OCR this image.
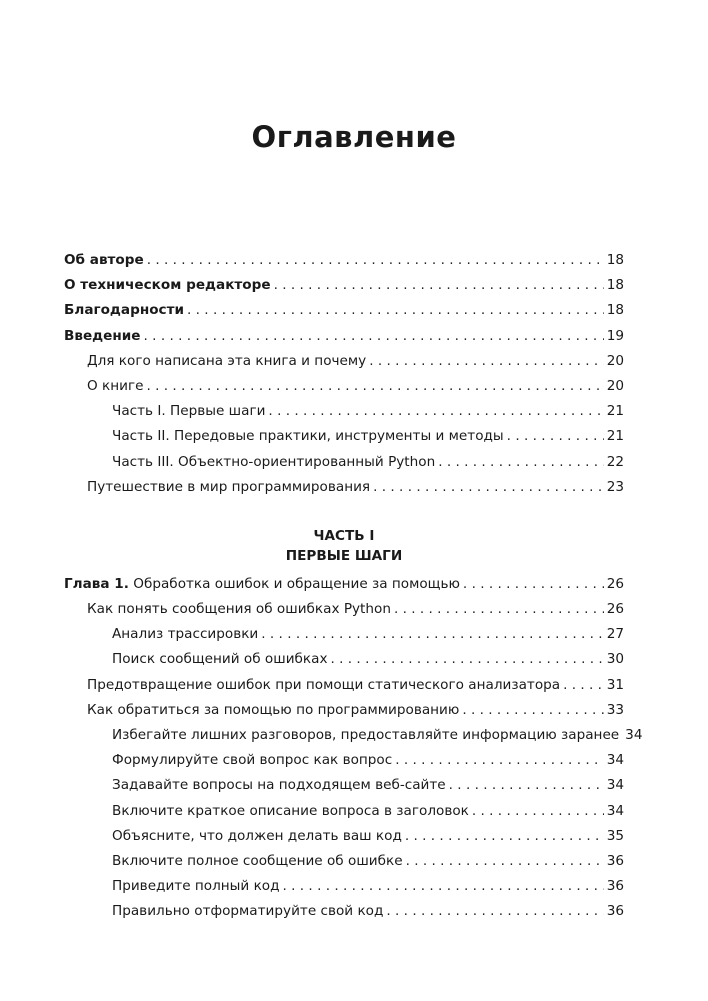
Оглавление
Об авторе . . .	18
О техническом редакторе . . .	18
Благодарности . . .	18
Введение . . .	19
Для кого написана эта книга и почему . . .	20
О книге . . .	20
Часть I. Первые шаги . . .	21
Часть II. Передовые практики, инструменты и методы . . .	21
Часть III. Объектно-ориентированный Python . . .	22
Путешествие в мир программирования . . .	23
ЧАСТЬ I
ПЕРВЫЕ ШАГИ
Глава 1. Обработка ошибок и обращение за помощью . . .	26
Как понять сообщения об ошибках Python . . .	26
Анализ трассировки . . .	27
Поиск сообщений об ошибках . . .	30
Предотвращение ошибок при помощи статического анализатора . . .	31
Как обратиться за помощью по программированию . . .	33
Избегайте лишних разговоров, предоставляйте информацию заранее 34
Формулируйте свой вопрос как вопрос . . .	34
Задавайте вопросы на подходящем веб-сайте . . .	34
Включите краткое описание вопроса в заголовок . . .	34
Объясните, что должен делать ваш код . . .	35
Включите полное сообщение об ошибке . . .	36
Приведите полный код . . .	36
Правильно отформатируйте свой код . . .	36
